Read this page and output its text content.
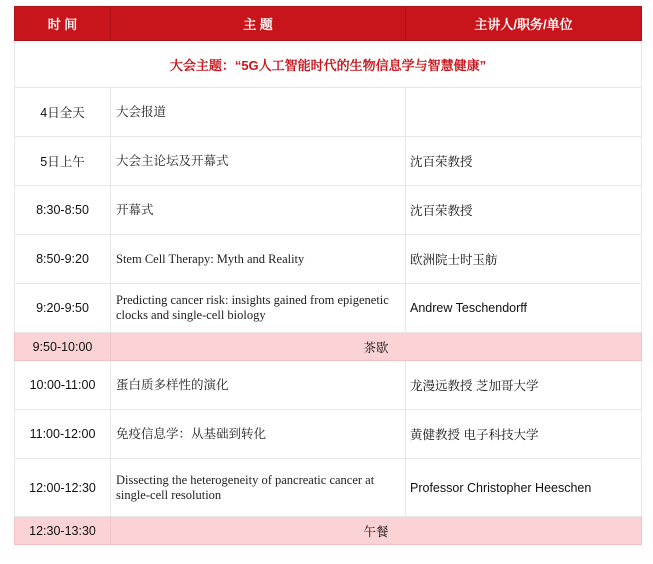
时 间	主 题	主讲人/职务/单位
大会主题：“5G人工智能时代的生物信息学与智慧健康”		
4日全天	大会报道	
5日上午	大会主论坛及开幕式	沈百荣教授
8:30-8:50	开幕式	沈百荣教授
8:50-9:20	Stem Cell Therapy: Myth and Reality	欧洲院士时玉舫
9:20-9:50	Predicting cancer risk: insights gained from epigenetic clocks and single-cell biology	Andrew Teschendorff
9:50-10:00	茶歇	
10:00-11:00	蛋白质多样性的演化	龙漫远教授 芝加哥大学
11:00-12:00	免疫信息学：从基础到转化	黄健教授 电子科技大学
12:00-12:30	Dissecting the heterogeneity of pancreatic cancer at single-cell resolution	Professor Christopher Heeschen
12:30-13:30	午餐	
